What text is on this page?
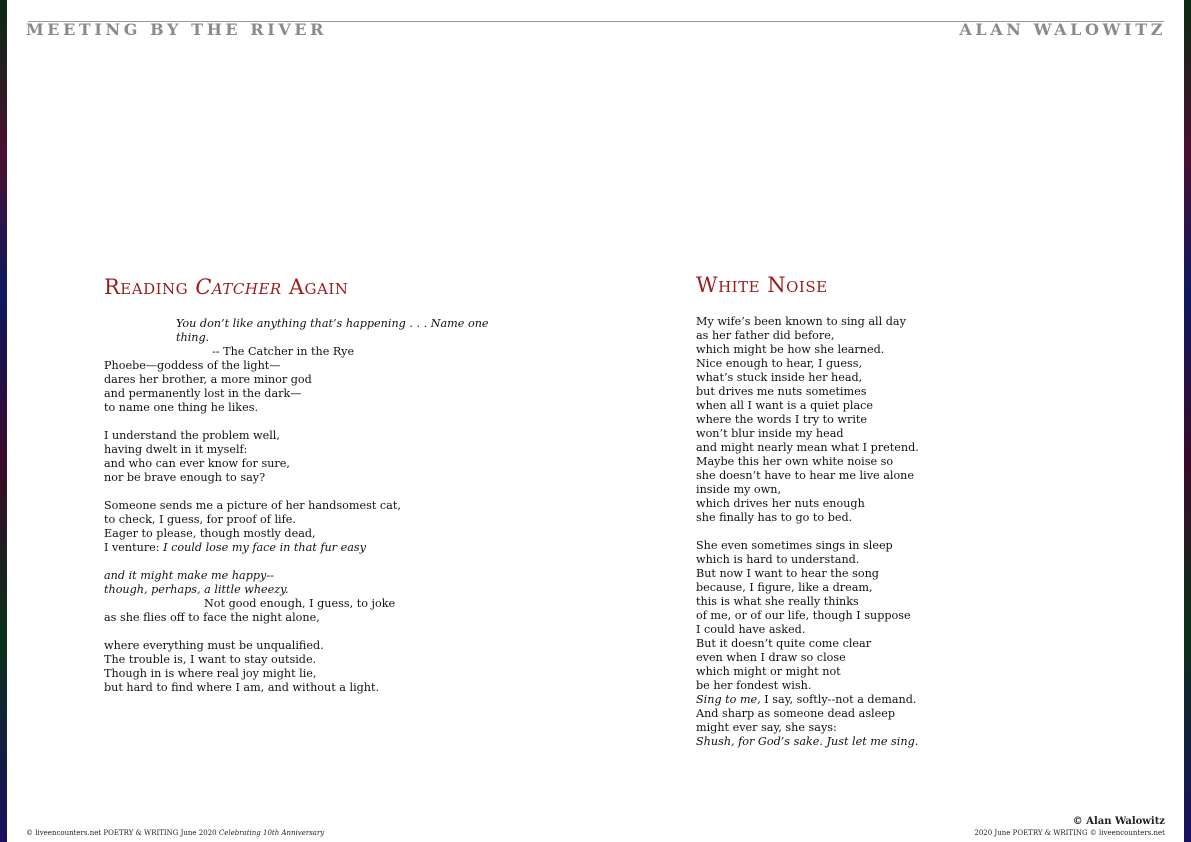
MEETING BY THE RIVER	ALAN WALOWITZ
Reading Catcher Again
You don’t like anything that’s happening . . . Name one thing.
-- The Catcher in the Rye
Phoebe—goddess of the light—
dares her brother, a more minor god
and permanently lost in the dark—
to name one thing he likes.
I understand the problem well,
having dwelt in it myself:
and who can ever know for sure,
nor be brave enough to say?
Someone sends me a picture of her handsomest cat,
to check, I guess, for proof of life.
Eager to please, though mostly dead,
I venture: I could lose my face in that fur easy
and it might make me happy--
though, perhaps, a little wheezy.
Not good enough, I guess, to joke
as she flies off to face the night alone,
where everything must be unqualified.
The trouble is, I want to stay outside.
Though in is where real joy might lie,
but hard to find where I am, and without a light.
White Noise
My wife’s been known to sing all day
as her father did before,
which might be how she learned.
Nice enough to hear, I guess,
what’s stuck inside her head,
but drives me nuts sometimes
when all I want is a quiet place
where the words I try to write
won’t blur inside my head
and might nearly mean what I pretend.
Maybe this her own white noise so
she doesn’t have to hear me live alone
inside my own,
which drives her nuts enough
she finally has to go to bed.
She even sometimes sings in sleep
which is hard to understand.
But now I want to hear the song
because, I figure, like a dream,
this is what she really thinks
of me, or of our life, though I suppose
I could have asked.
But it doesn’t quite come clear
even when I draw so close
which might or might not
be her fondest wish.
Sing to me, I say, softly--not a demand.
And sharp as someone dead asleep
might ever say, she says:
Shush, for God’s sake. Just let me sing.
© liveencounters.net POETRY & WRITING June 2020 Celebrating 10th Anniversary
© Alan Walowitz
2020 June POETRY & WRITING © liveencounters.net
